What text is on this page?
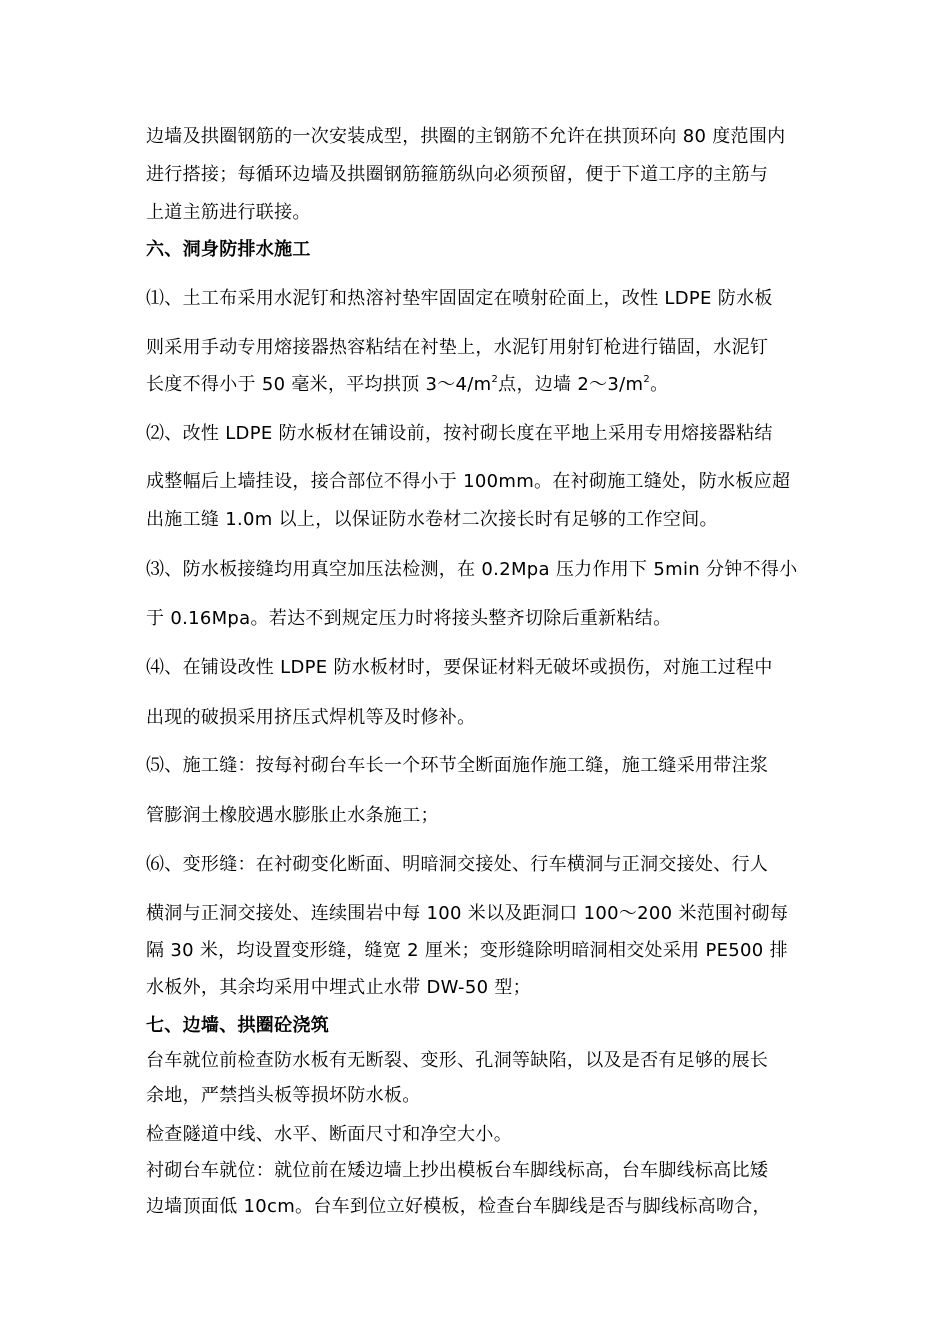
边墙及拱圈钢筋的一次安装成型，拱圈的主钢筋不允许在拱顶环向 80 度范围内
进行搭接；每循环边墙及拱圈钢筋箍筋纵向必须预留，便于下道工序的主筋与
上道主筋进行联接。
六、洞身防排水施工
⑴、土工布采用水泥钉和热溶衬垫牢固固定在喷射砼面上，改性 LDPE 防水板
则采用手动专用熔接器热容粘结在衬垫上，水泥钉用射钉枪进行锚固，水泥钉
长度不得小于 50 毫米，平均拱顶 $3\sim 4/m^2$点，边墙 $2\sim 3/m^2$。
⑵、改性 LDPE 防水板材在铺设前，按衬砌长度在平地上采用专用熔接器粘结
成整幅后上墙挂设，接合部位不得小于 100mm。在衬砌施工缝处，防水板应超
出施工缝 1.0m 以上，以保证防水卷材二次接长时有足够的工作空间。
⑶、防水板接缝均用真空加压法检测，在 0.2Mpa 压力作用下 5min 分钟不得小
于 0.16Mpa。若达不到规定压力时将接头整齐切除后重新粘结。
⑷、在铺设改性 LDPE 防水板材时，要保证材料无破坏或损伤，对施工过程中
出现的破损采用挤压式焊机等及时修补。
⑸、施工缝：按每衬砌台车长一个环节全断面施作施工缝，施工缝采用带注浆
管膨润土橡胶遇水膨胀止水条施工；
⑹、变形缝：在衬砌变化断面、明暗洞交接处、行车横洞与正洞交接处、行人
横洞与正洞交接处、连续围岩中每 100 米以及距洞口 100～200 米范围衬砌每
隔 30 米，均设置变形缝，缝宽 2 厘米；变形缝除明暗洞相交处采用 PE500 排
水板外，其余均采用中埋式止水带 DW-50 型；
七、边墙、拱圈砼浇筑
台车就位前检查防水板有无断裂、变形、孔洞等缺陷，以及是否有足够的展长
余地，严禁挡头板等损坏防水板。
检查隧道中线、水平、断面尺寸和净空大小。
衬砌台车就位：就位前在矮边墙上抄出模板台车脚线标高，台车脚线标高比矮
边墙顶面低 10cm。台车到位立好模板，检查台车脚线是否与脚线标高吻合，
